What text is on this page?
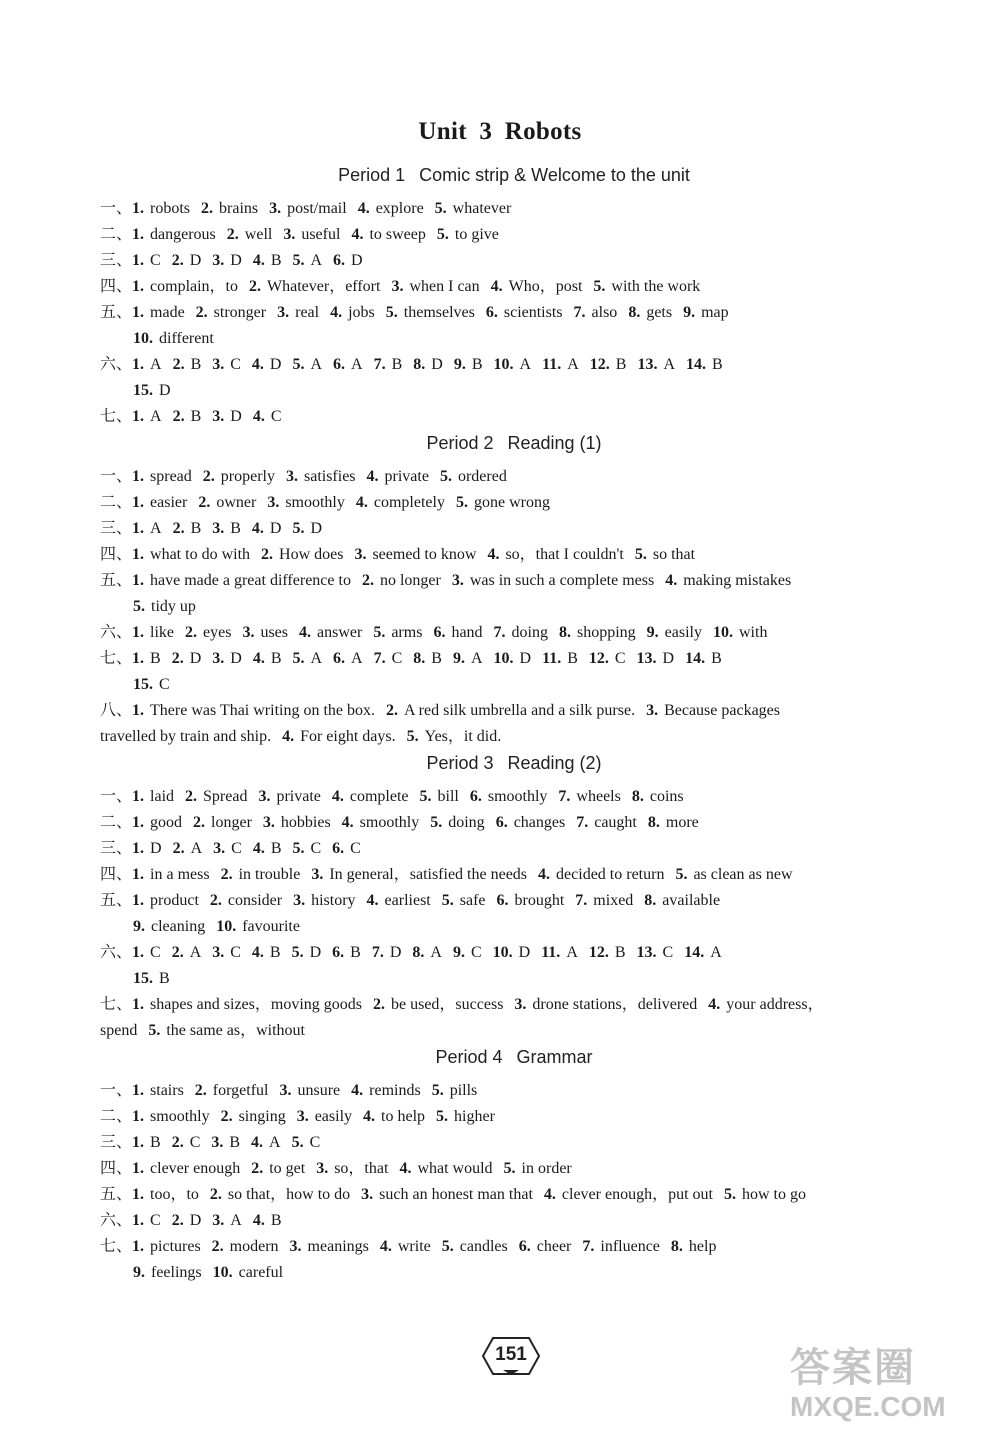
Unit 3 Robots
Period 1 Comic strip & Welcome to the unit
一、1. robots 2. brains 3. post/mail 4. explore 5. whatever
二、1. dangerous 2. well 3. useful 4. to sweep 5. to give
三、1. C 2. D 3. D 4. B 5. A 6. D
四、1. complain，to 2. Whatever，effort 3. when I can 4. Who，post 5. with the work
五、1. made 2. stronger 3. real 4. jobs 5. themselves 6. scientists 7. also 8. gets 9. map
10. different
六、1. A 2. B 3. C 4. D 5. A 6. A 7. B 8. D 9. B 10. A 11. A 12. B 13. A 14. B
15. D
七、1. A 2. B 3. D 4. C
Period 2 Reading (1)
一、1. spread 2. properly 3. satisfies 4. private 5. ordered
二、1. easier 2. owner 3. smoothly 4. completely 5. gone wrong
三、1. A 2. B 3. B 4. D 5. D
四、1. what to do with 2. How does 3. seemed to know 4. so，that I couldn't 5. so that
五、1. have made a great difference to 2. no longer 3. was in such a complete mess 4. making mistakes
5. tidy up
六、1. like 2. eyes 3. uses 4. answer 5. arms 6. hand 7. doing 8. shopping 9. easily 10. with
七、1. B 2. D 3. D 4. B 5. A 6. A 7. C 8. B 9. A 10. D 11. B 12. C 13. D 14. B
15. C
八、1. There was Thai writing on the box. 2. A red silk umbrella and a silk purse. 3. Because packages
travelled by train and ship. 4. For eight days. 5. Yes，it did.
Period 3 Reading (2)
一、1. laid 2. Spread 3. private 4. complete 5. bill 6. smoothly 7. wheels 8. coins
二、1. good 2. longer 3. hobbies 4. smoothly 5. doing 6. changes 7. caught 8. more
三、1. D 2. A 3. C 4. B 5. C 6. C
四、1. in a mess 2. in trouble 3. In general，satisfied the needs 4. decided to return 5. as clean as new
五、1. product 2. consider 3. history 4. earliest 5. safe 6. brought 7. mixed 8. available
9. cleaning 10. favourite
六、1. C 2. A 3. C 4. B 5. D 6. B 7. D 8. A 9. C 10. D 11. A 12. B 13. C 14. A
15. B
七、1. shapes and sizes，moving goods 2. be used，success 3. drone stations，delivered 4. your address，
spend 5. the same as，without
Period 4 Grammar
一、1. stairs 2. forgetful 3. unsure 4. reminds 5. pills
二、1. smoothly 2. singing 3. easily 4. to help 5. higher
三、1. B 2. C 3. B 4. A 5. C
四、1. clever enough 2. to get 3. so，that 4. what would 5. in order
五、1. too，to 2. so that，how to do 3. such an honest man that 4. clever enough，put out 5. how to go
六、1. C 2. D 3. A 4. B
七、1. pictures 2. modern 3. meanings 4. write 5. candles 6. cheer 7. influence 8. help
9. feelings 10. careful
151	答案圈
MXQE.COM
